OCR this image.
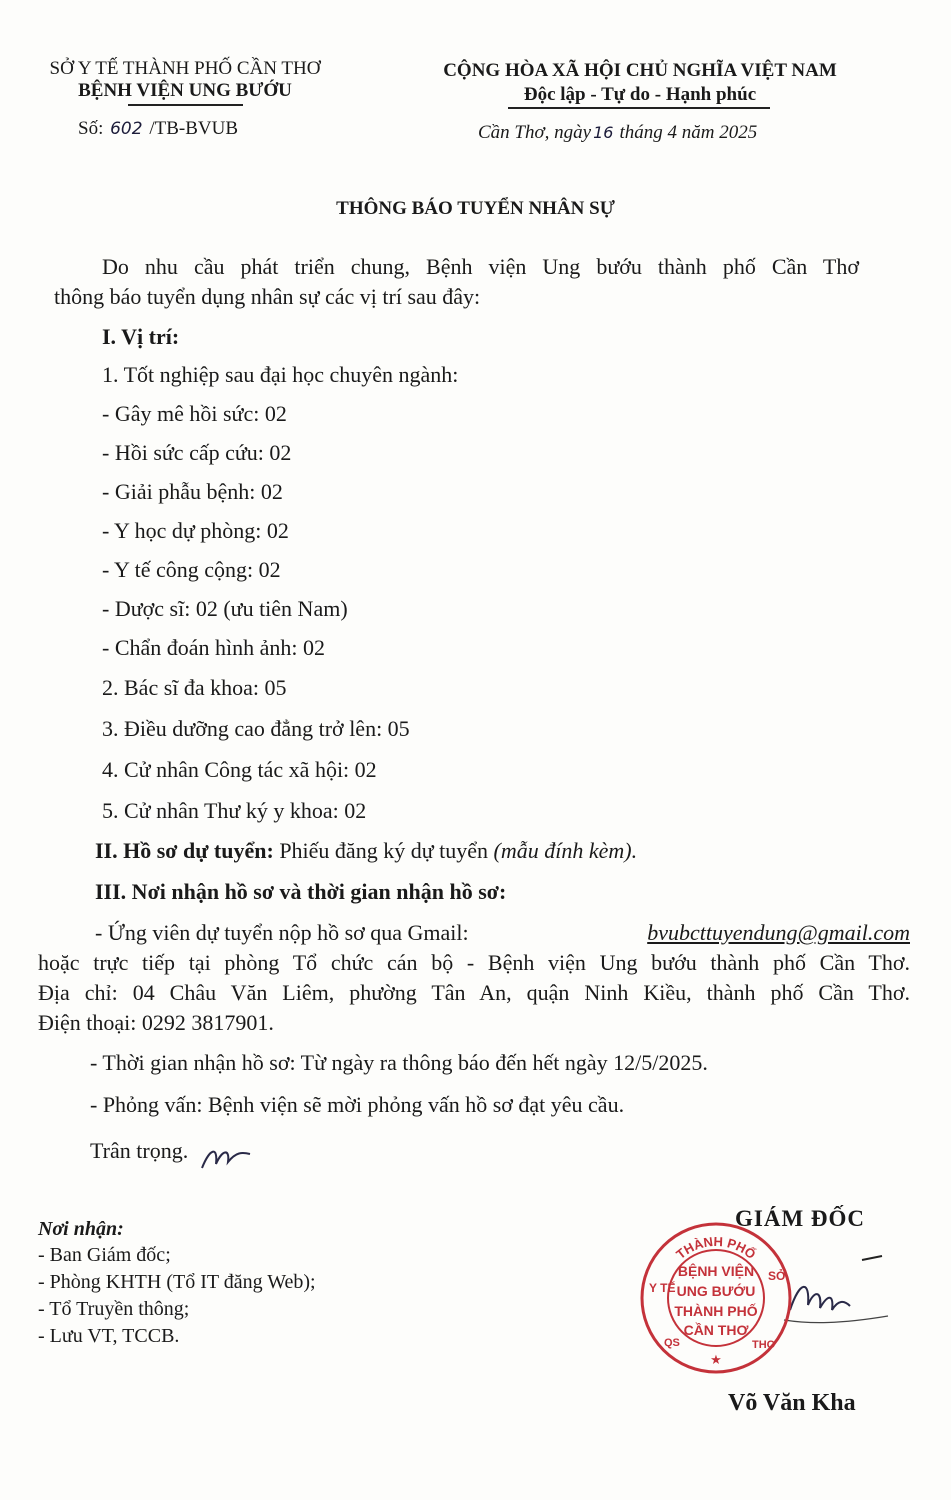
SỞ Y TẾ THÀNH PHỐ CẦN THƠ
BỆNH VIỆN UNG BƯỚU
Số: 602 /TB-BVUB
CỘNG HÒA XÃ HỘI CHỦ NGHĨA VIỆT NAM
Độc lập - Tự do - Hạnh phúc
Cần Thơ, ngày 16 tháng 4 năm 2025
THÔNG BÁO TUYỂN NHÂN SỰ
Do nhu cầu phát triển chung, Bệnh viện Ung bướu thành phố Cần Thơ
thông báo tuyển dụng nhân sự các vị trí sau đây:
I. Vị trí:
1. Tốt nghiệp sau đại học chuyên ngành:
- Gây mê hồi sức: 02
- Hồi sức cấp cứu: 02
- Giải phẫu bệnh: 02
- Y học dự phòng: 02
- Y tế công cộng: 02
- Dược sĩ: 02 (ưu tiên Nam)
- Chẩn đoán hình ảnh: 02
2. Bác sĩ đa khoa: 05
3. Điều dưỡng cao đẳng trở lên: 05
4. Cử nhân Công tác xã hội: 02
5. Cử nhân Thư ký y khoa: 02
II. Hồ sơ dự tuyển: Phiếu đăng ký dự tuyển (mẫu đính kèm).
III. Nơi nhận hồ sơ và thời gian nhận hồ sơ:
- Ứng viên dự tuyển nộp hồ sơ qua Gmail:	bvubcttuyendung@gmail.com
hoặc trực tiếp tại phòng Tổ chức cán bộ - Bệnh viện Ung bướu thành phố Cần Thơ.
Địa chỉ: 04 Châu Văn Liêm, phường Tân An, quận Ninh Kiều, thành phố Cần Thơ.
Điện thoại: 0292 3817901.
- Thời gian nhận hồ sơ: Từ ngày ra thông báo đến hết ngày 12/5/2025.
- Phỏng vấn: Bệnh viện sẽ mời phỏng vấn hồ sơ đạt yêu cầu.
Trân trọng.
Nơi nhận:
- Ban Giám đốc;
- Phòng KHTH (Tổ IT đăng Web);
- Tổ Truyền thông;
- Lưu VT, TCCB.
GIÁM ĐỐC
THÀNH PHỐ
Y TẾ
SỞ
QS	THO
BỆNH VIỆN
UNG BƯỚU
THÀNH PHỐ
CẦN THƠ
★
Võ Văn Kha
